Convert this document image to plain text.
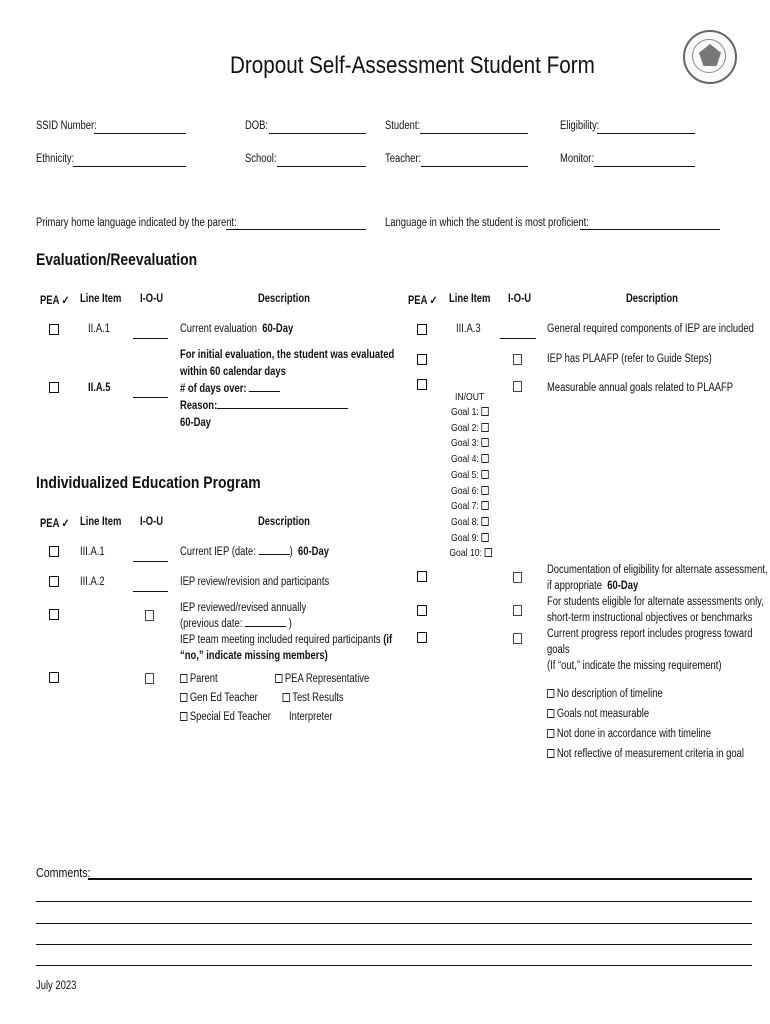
Dropout Self-Assessment Student Form
SSID Number:	DOB:	Student:	Eligibility:
Ethnicity:	School:	Teacher:	Monitor:
Primary home language indicated by the parent:	Language in which the student is most proficient:
Evaluation/Reevaluation
PEA ✓ Line Item I-O-U	Description	PEA ✓ Line Item I-O-U	Description
II.A.1	Current evaluation 60-Day
II.A.5
For initial evaluation, the student was evaluated
within 60 calendar days
# of days over:
Reason:
60-Day
Individualized Education Program
PEA ✓ Line Item I-O-U	Description
III.A.1	Current IEP (date:	) 60-Day
III.A.2	IEP review/revision and participants
IEP reviewed/revised annually
(previous date:	)
IEP team meeting included required participants (if
“no,” indicate missing members)
Parent	PEA Representative
Gen Ed Teacher	Test Results
Special Ed Teacher Interpreter
III.A.3	General required components of IEP are included
IEP has PLAAFP (refer to Guide Steps)
Measurable annual goals related to PLAAFP
IN/OUT
Goal 1:
Goal 2:
Goal 3:
Goal 4:
Goal 5:
Goal 6:
Goal 7:
Goal 8:
Goal 9:
Goal 10:
Documentation of eligibility for alternate assessment,
if appropriate 60-Day
For students eligible for alternate assessments only,
short-term instructional objectives or benchmarks
Current progress report includes progress toward
goals
(If “out,” indicate the missing requirement)
No description of timeline
Goals not measurable
Not done in accordance with timeline
Not reflective of measurement criteria in goal
Comments:
July 2023
